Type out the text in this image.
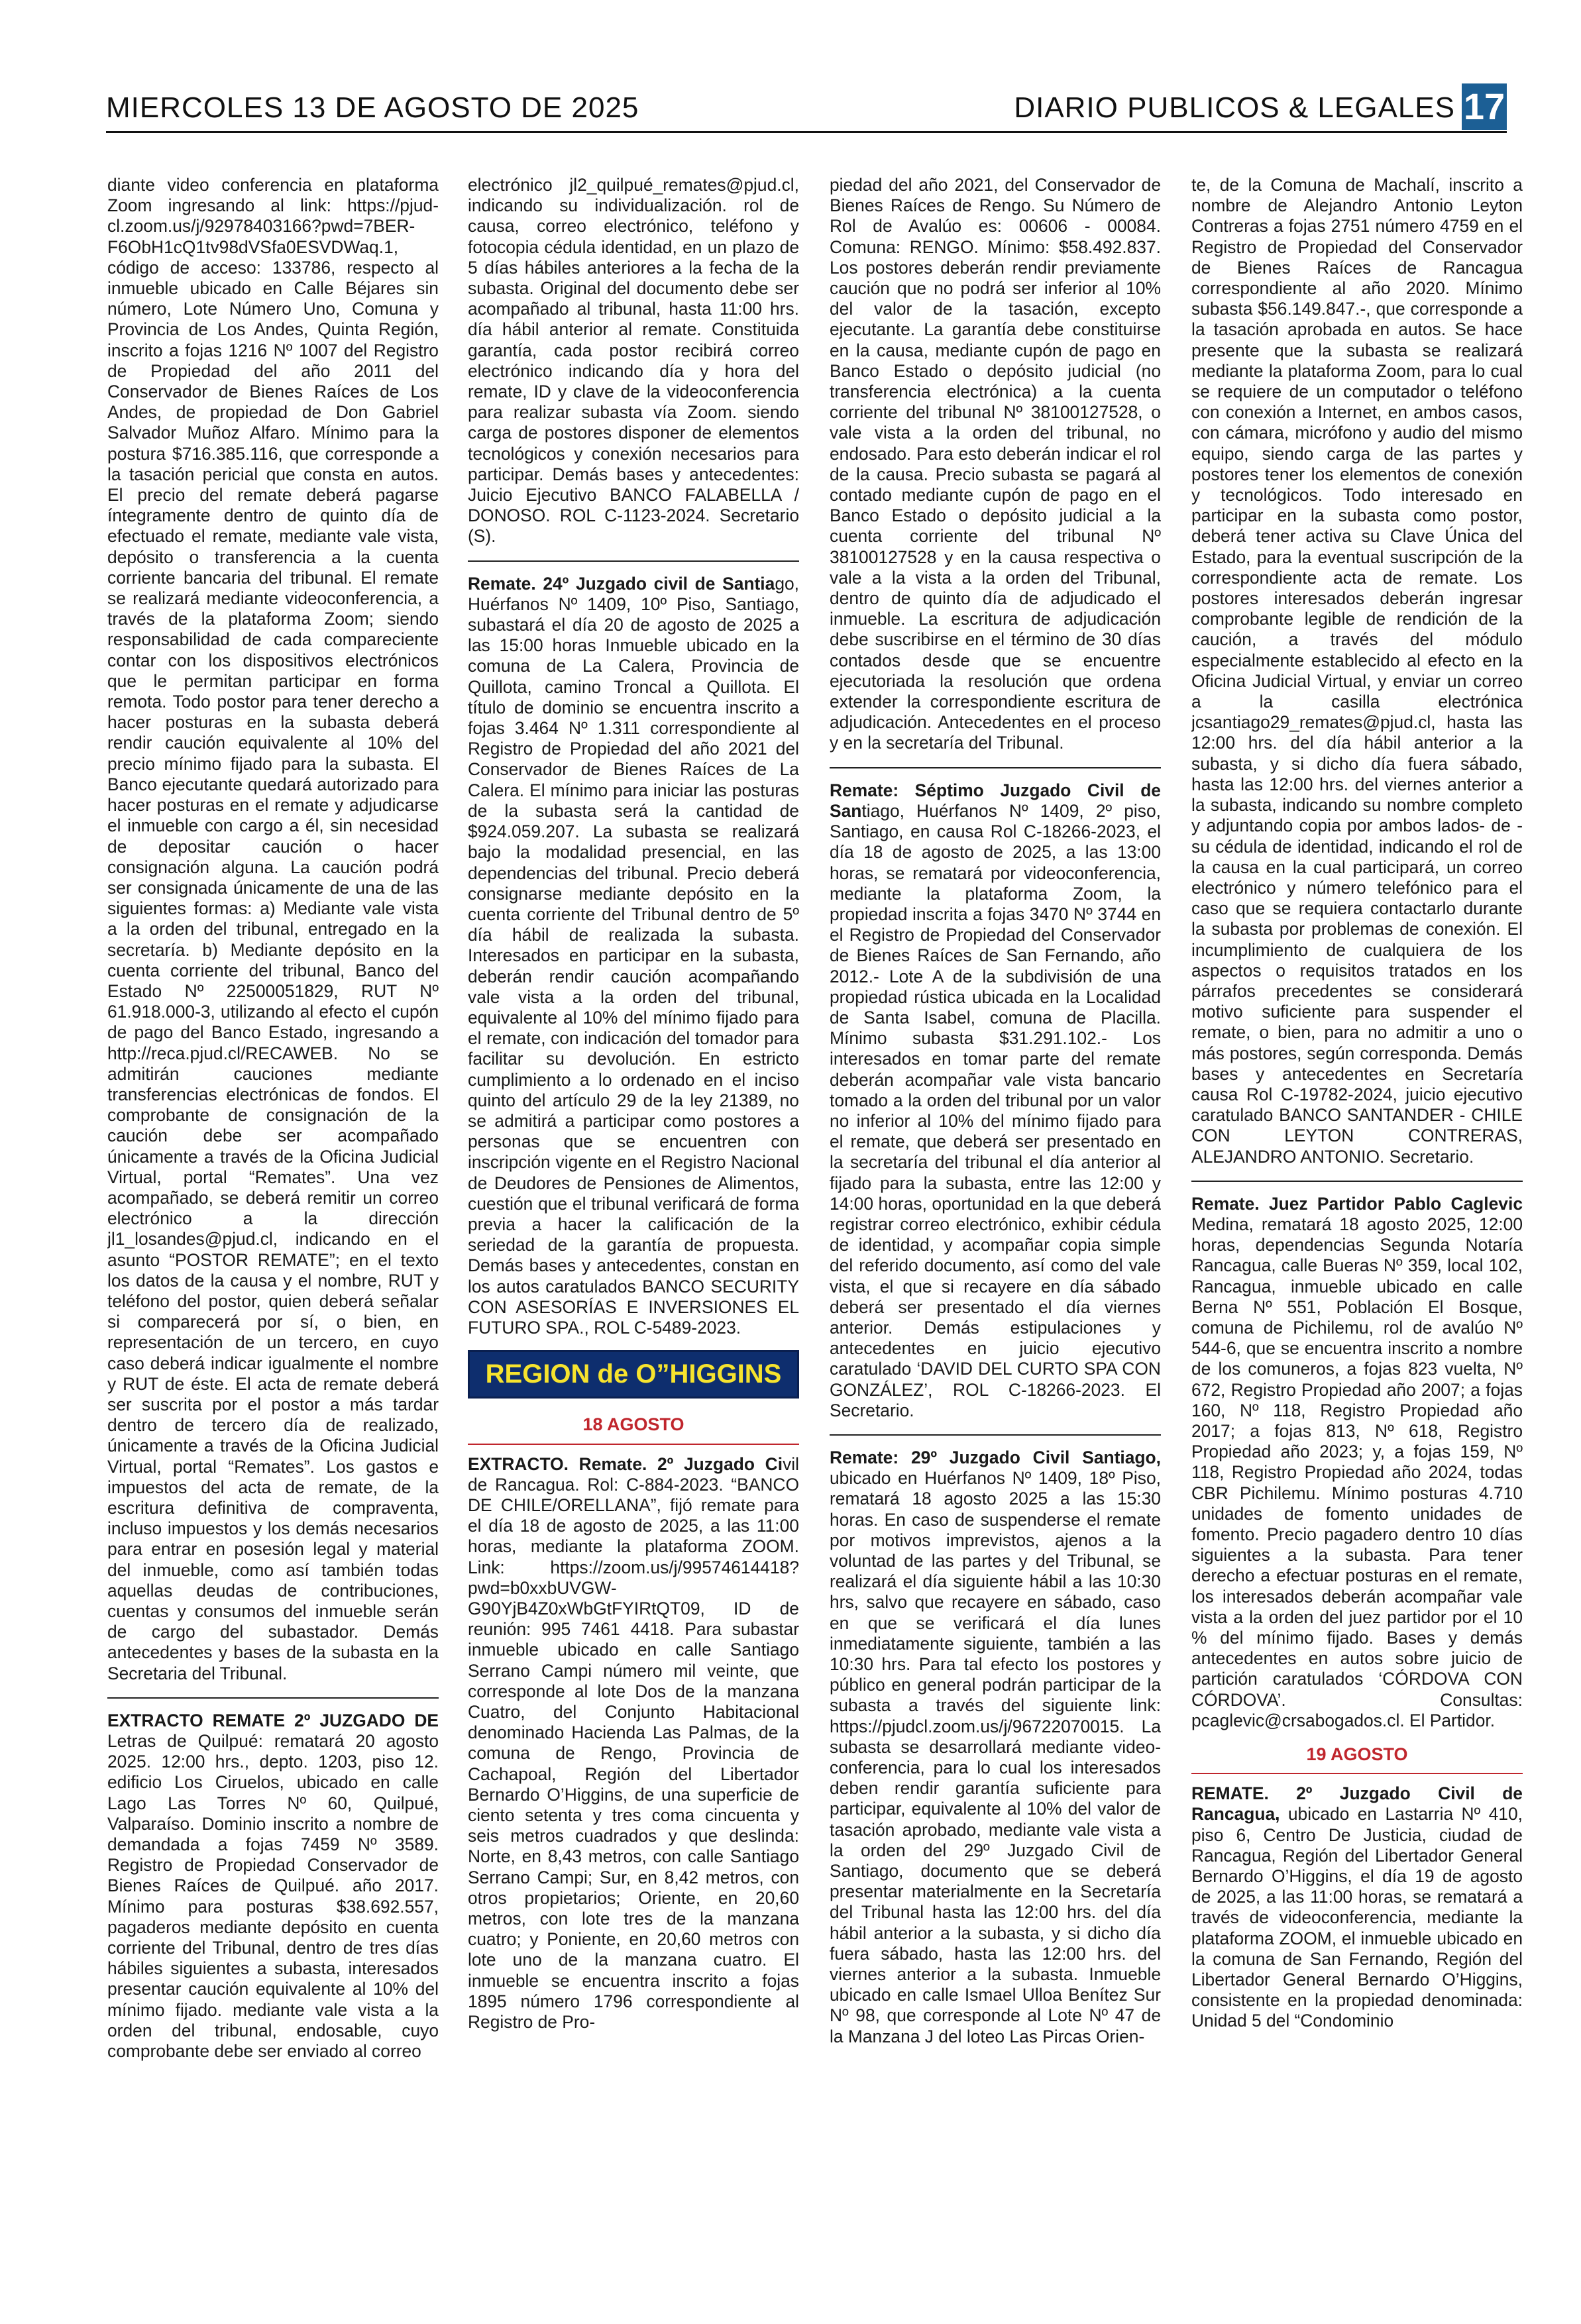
MIERCOLES 13 DE AGOSTO DE 2025	DIARIO PUBLICOS & LEGALES 17

diante video conferencia en plataforma Zoom ingresando al link: https://pjud-cl.zoom.us/j/92978403166?pwd=7BER-F6ObH1cQ1tv98dVSfa0ESVDWaq.1, código de acceso: 133786, respecto al inmueble ubicado en Calle Béjares sin número, Lote Número Uno, Comuna y Provincia de Los Andes, Quinta Región, inscrito a fojas 1216 Nº 1007 del Registro de Propiedad del año 2011 del Conservador de Bienes Raíces de Los Andes, de propiedad de Don Gabriel Salvador Muñoz Alfaro. Mínimo para la postura $716.385.116, que corresponde a la tasación pericial que consta en autos. El precio del remate deberá pagarse íntegramente dentro de quinto día de efectuado el remate, mediante vale vista, depósito o transferencia a la cuenta corriente bancaria del tribunal. El remate se realizará mediante videoconferencia, a través de la plataforma Zoom; siendo responsabilidad de cada compareciente contar con los dispositivos electrónicos que le permitan participar en forma remota. Todo postor para tener derecho a hacer posturas en la subasta deberá rendir caución equivalente al 10% del precio mínimo fijado para la subasta. El Banco ejecutante quedará autorizado para hacer posturas en el remate y adjudicarse el inmueble con cargo a él, sin necesidad de depositar caución o hacer consignación alguna. La caución podrá ser consignada únicamente de una de las siguientes formas: a) Mediante vale vista a la orden del tribunal, entregado en la secretaría. b) Mediante depósito en la cuenta corriente del tribunal, Banco del Estado Nº 22500051829, RUT Nº 61.918.000-3, utilizando al efecto el cupón de pago del Banco Estado, ingresando a http://reca.pjud.cl/RECAWEB. No se admitirán cauciones mediante transferencias electrónicas de fondos. El comprobante de consignación de la caución debe ser acompañado únicamente a través de la Oficina Judicial Virtual, portal “Remates”. Una vez acompañado, se deberá remitir un correo electrónico a la dirección jl1_losandes@pjud.cl, indicando en el asunto “POSTOR REMATE”; en el texto los datos de la causa y el nombre, RUT y teléfono del postor, quien deberá señalar si comparecerá por sí, o bien, en representación de un tercero, en cuyo caso deberá indicar igualmente el nombre y RUT de éste. El acta de remate deberá ser suscrita por el postor a más tardar dentro de tercero día de realizado, únicamente a través de la Oficina Judicial Virtual, portal “Remates”. Los gastos e impuestos del acta de remate, de la escritura definitiva de compraventa, incluso impuestos y los demás necesarios para entrar en posesión legal y material del inmueble, como así también todas aquellas deudas de contribuciones, cuentas y consumos del inmueble serán de cargo del subastador. Demás antecedentes y bases de la subasta en la Secretaria del Tribunal.

EXTRACTO REMATE 2º JUZGADO DE Letras de Quilpué: rematará 20 agosto 2025. 12:00 hrs., depto. 1203, piso 12. edificio Los Ciruelos, ubicado en calle Lago Las Torres Nº 60, Quilpué, Valparaíso. Dominio inscrito a nombre de demandada a fojas 7459 Nº 3589. Registro de Propiedad Conservador de Bienes Raíces de Quilpué. año 2017. Mínimo para posturas $38.692.557, pagaderos mediante depósito en cuenta corriente del Tribunal, dentro de tres días hábiles siguientes a subasta, interesados presentar caución equivalente al 10% del mínimo fijado. mediante vale vista a la orden del tribunal, endosable, cuyo comprobante debe ser enviado al correo

electrónico jl2_quilpué_remates@pjud.cl, indicando su individualización. rol de causa, correo electrónico, teléfono y fotocopia cédula identidad, en un plazo de 5 días hábiles anteriores a la fecha de la subasta. Original del documento debe ser acompañado al tribunal, hasta 11:00 hrs. día hábil anterior al remate. Constituida garantía, cada postor recibirá correo electrónico indicando día y hora del remate, ID y clave de la videoconferencia para realizar subasta vía Zoom. siendo carga de postores disponer de elementos tecnológicos y conexión necesarios para participar. Demás bases y antecedentes: Juicio Ejecutivo BANCO FALABELLA / DONOSO. ROL C-1123-2024. Secretario (S).

Remate. 24º Juzgado civil de Santiago, Huérfanos Nº 1409, 10º Piso, Santiago, subastará el día 20 de agosto de 2025 a las 15:00 horas Inmueble ubicado en la comuna de La Calera, Provincia de Quillota, camino Troncal a Quillota. El título de dominio se encuentra inscrito a fojas 3.464 Nº 1.311 correspondiente al Registro de Propiedad del año 2021 del Conservador de Bienes Raíces de La Calera. El mínimo para iniciar las posturas de la subasta será la cantidad de $924.059.207. La subasta se realizará bajo la modalidad presencial, en las dependencias del tribunal. Precio deberá consignarse mediante depósito en la cuenta corriente del Tribunal dentro de 5º día hábil de realizada la subasta. Interesados en participar en la subasta, deberán rendir caución acompañando vale vista a la orden del tribunal, equivalente al 10% del mínimo fijado para el remate, con indicación del tomador para facilitar su devolución. En estricto cumplimiento a lo ordenado en el inciso quinto del artículo 29 de la ley 21389, no se admitirá a participar como postores a personas que se encuentren con inscripción vigente en el Registro Nacional de Deudores de Pensiones de Alimentos, cuestión que el tribunal verificará de forma previa a hacer la calificación de la seriedad de la garantía de propuesta. Demás bases y antecedentes, constan en los autos caratulados BANCO SECURITY CON ASESORÍAS E INVERSIONES EL FUTURO SPA., ROL C-5489-2023.

REGION de O”HIGGINS
18 AGOSTO

EXTRACTO. Remate. 2º Juzgado Civil de Rancagua. Rol: C-884-2023. “BANCO DE CHILE/ORELLANA”, fijó remate para el día 18 de agosto de 2025, a las 11:00 horas, mediante la plataforma ZOOM. Link: https://zoom.us/j/99574614418?pwd=b0xxbUVGW-G90YjB4Z0xWbGtFYIRtQT09, ID de reunión: 995 7461 4418. Para subastar inmueble ubicado en calle Santiago Serrano Campi número mil veinte, que corresponde al lote Dos de la manzana Cuatro, del Conjunto Habitacional denominado Hacienda Las Palmas, de la comuna de Rengo, Provincia de Cachapoal, Región del Libertador Bernardo O’Higgins, de una superficie de ciento setenta y tres coma cincuenta y seis metros cuadrados y que deslinda: Norte, en 8,43 metros, con calle Santiago Serrano Campi; Sur, en 8,42 metros, con otros propietarios; Oriente, en 20,60 metros, con lote tres de la manzana cuatro; y Poniente, en 20,60 metros con lote uno de la manzana cuatro. El inmueble se encuentra inscrito a fojas 1895 número 1796 correspondiente al Registro de Pro-

piedad del año 2021, del Conservador de Bienes Raíces de Rengo. Su Número de Rol de Avalúo es: 00606 - 00084. Comuna: RENGO. Mínimo: $58.492.837. Los postores deberán rendir previamente caución que no podrá ser inferior al 10% del valor de la tasación, excepto ejecutante. La garantía debe constituirse en la causa, mediante cupón de pago en Banco Estado o depósito judicial (no transferencia electrónica) a la cuenta corriente del tribunal Nº 38100127528, o vale vista a la orden del tribunal, no endosado. Para esto deberán indicar el rol de la causa. Precio subasta se pagará al contado mediante cupón de pago en el Banco Estado o depósito judicial a la cuenta corriente del tribunal Nº 38100127528 y en la causa respectiva o vale a la vista a la orden del Tribunal, dentro de quinto día de adjudicado el inmueble. La escritura de adjudicación debe suscribirse en el término de 30 días contados desde que se encuentre ejecutoriada la resolución que ordena extender la correspondiente escritura de adjudicación. Antecedentes en el proceso y en la secretaría del Tribunal.

Remate: Séptimo Juzgado Civil de Santiago, Huérfanos Nº 1409, 2º piso, Santiago, en causa Rol C-18266-2023, el día 18 de agosto de 2025, a las 13:00 horas, se rematará por videoconferencia, mediante la plataforma Zoom, la propiedad inscrita a fojas 3470 Nº 3744 en el Registro de Propiedad del Conservador de Bienes Raíces de San Fernando, año 2012.- Lote A de la subdivisión de una propiedad rústica ubicada en la Localidad de Santa Isabel, comuna de Placilla. Mínimo subasta $31.291.102.- Los interesados en tomar parte del remate deberán acompañar vale vista bancario tomado a la orden del tribunal por un valor no inferior al 10% del mínimo fijado para el remate, que deberá ser presentado en la secretaría del tribunal el día anterior al fijado para la subasta, entre las 12:00 y 14:00 horas, oportunidad en la que deberá registrar correo electrónico, exhibir cédula de identidad, y acompañar copia simple del referido documento, así como del vale vista, el que si recayere en día sábado deberá ser presentado el día viernes anterior. Demás estipulaciones y antecedentes en juicio ejecutivo caratulado ‘DAVID DEL CURTO SPA CON GONZÁLEZ’, ROL C-18266-2023. El Secretario.

Remate: 29º Juzgado Civil Santiago, ubicado en Huérfanos Nº 1409, 18º Piso, rematará 18 agosto 2025 a las 15:30 horas. En caso de suspenderse el remate por motivos imprevistos, ajenos a la voluntad de las partes y del Tribunal, se realizará el día siguiente hábil a las 10:30 hrs, salvo que recayere en sábado, caso en que se verificará el día lunes inmediatamente siguiente, también a las 10:30 hrs. Para tal efecto los postores y público en general podrán participar de la subasta a través del siguiente link: https://pjudcl.zoom.us/j/96722070015. La subasta se desarrollará mediante video-conferencia, para lo cual los interesados deben rendir garantía suficiente para participar, equivalente al 10% del valor de tasación aprobado, mediante vale vista a la orden del 29º Juzgado Civil de Santiago, documento que se deberá presentar materialmente en la Secretaría del Tribunal hasta las 12:00 hrs. del día hábil anterior a la subasta, y si dicho día fuera sábado, hasta las 12:00 hrs. del viernes anterior a la subasta. Inmueble ubicado en calle Ismael Ulloa Benítez Sur Nº 98, que corresponde al Lote Nº 47 de la Manzana J del loteo Las Pircas Orien-

te, de la Comuna de Machalí, inscrito a nombre de Alejandro Antonio Leyton Contreras a fojas 2751 número 4759 en el Registro de Propiedad del Conservador de Bienes Raíces de Rancagua correspondiente al año 2020. Mínimo subasta $56.149.847.-, que corresponde a la tasación aprobada en autos. Se hace presente que la subasta se realizará mediante la plataforma Zoom, para lo cual se requiere de un computador o teléfono con conexión a Internet, en ambos casos, con cámara, micrófono y audio del mismo equipo, siendo carga de las partes y postores tener los elementos de conexión y tecnológicos. Todo interesado en participar en la subasta como postor, deberá tener activa su Clave Única del Estado, para la eventual suscripción de la correspondiente acta de remate. Los postores interesados deberán ingresar comprobante legible de rendición de la caución, a través del módulo especialmente establecido al efecto en la Oficina Judicial Virtual, y enviar un correo a la casilla electrónica jcsantiago29_remates@pjud.cl, hasta las 12:00 hrs. del día hábil anterior a la subasta, y si dicho día fuera sábado, hasta las 12:00 hrs. del viernes anterior a la subasta, indicando su nombre completo y adjuntando copia por ambos lados- de -su cédula de identidad, indicando el rol de la causa en la cual participará, un correo electrónico y número telefónico para el caso que se requiera contactarlo durante la subasta por problemas de conexión. El incumplimiento de cualquiera de los aspectos o requisitos tratados en los párrafos precedentes se considerará motivo suficiente para suspender el remate, o bien, para no admitir a uno o más postores, según corresponda. Demás bases y antecedentes en Secretaría causa Rol C-19782-2024, juicio ejecutivo caratulado BANCO SANTANDER - CHILE CON LEYTON CONTRERAS, ALEJANDRO ANTONIO. Secretario.

Remate. Juez Partidor Pablo Caglevic Medina, rematará 18 agosto 2025, 12:00 horas, dependencias Segunda Notaría Rancagua, calle Bueras Nº 359, local 102, Rancagua, inmueble ubicado en calle Berna Nº 551, Población El Bosque, comuna de Pichilemu, rol de avalúo Nº 544-6, que se encuentra inscrito a nombre de los comuneros, a fojas 823 vuelta, Nº 672, Registro Propiedad año 2007; a fojas 160, Nº 118, Registro Propiedad año 2017; a fojas 813, Nº 618, Registro Propiedad año 2023; y, a fojas 159, Nº 118, Registro Propiedad año 2024, todas CBR Pichilemu. Mínimo posturas 4.710 unidades de fomento unidades de fomento. Precio pagadero dentro 10 días siguientes a la subasta. Para tener derecho a efectuar posturas en el remate, los interesados deberán acompañar vale vista a la orden del juez partidor por el 10 % del mínimo fijado. Bases y demás antecedentes en autos sobre juicio de partición caratulados ‘CÓRDOVA CON CÓRDOVA’. Consultas: pcaglevic@crsabogados.cl. El Partidor.

19 AGOSTO

REMATE. 2º Juzgado Civil de Rancagua, ubicado en Lastarria Nº 410, piso 6, Centro De Justicia, ciudad de Rancagua, Región del Libertador General Bernardo O’Higgins, el día 19 de agosto de 2025, a las 11:00 horas, se rematará a través de videoconferencia, mediante la plataforma ZOOM, el inmueble ubicado en la comuna de San Fernando, Región del Libertador General Bernardo O’Higgins, consistente en la propiedad denominada: Unidad 5 del “Condominio
